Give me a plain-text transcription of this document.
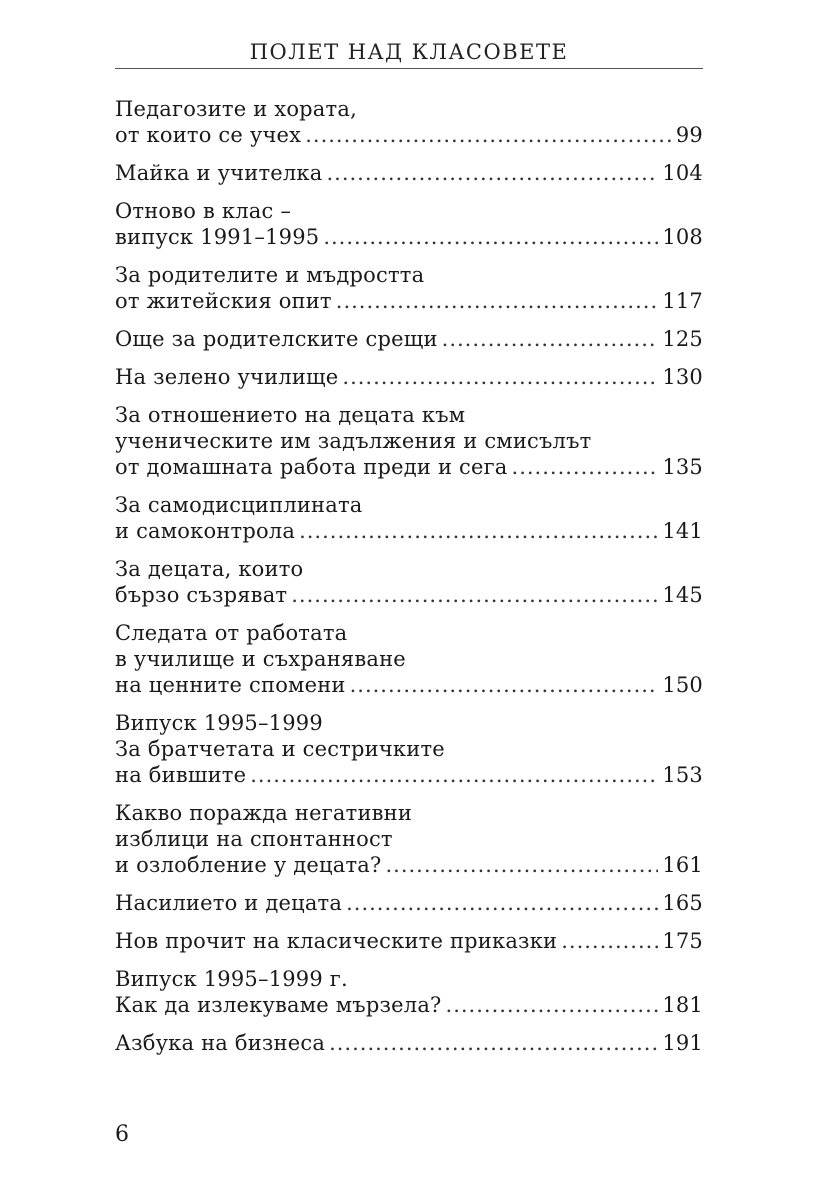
ПОЛЕТ НАД КЛАСОВЕТЕ
Педагозите и хората,
от които се учех .....	99
Майка и учителка .....	104
Отново в клас –
випуск 1991–1995 .....	108
За родителите и мъдростта
от житейския опит .....	117
Още за родителските срещи .....	125
На зелено училище .....	130
За отношението на децата към
ученическите им задължения и смисълът
от домашната работа преди и сега .....	135
За самодисциплината
и самоконтрола .....	141
За децата, които
бързо съзряват .....	145
Следата от работата
в училище и съхраняване
на ценните спомени .....	150
Випуск 1995–1999
За братчетата и сестричките
на бившите .....	153
Какво поражда негативни
изблици на спонтанност
и озлобление у децата? .....	161
Насилието и децата .....	165
Нов прочит на класическите приказки .....	175
Випуск 1995–1999 г.
Как да излекуваме мързела? .....	181
Азбука на бизнеса .....	191
6
